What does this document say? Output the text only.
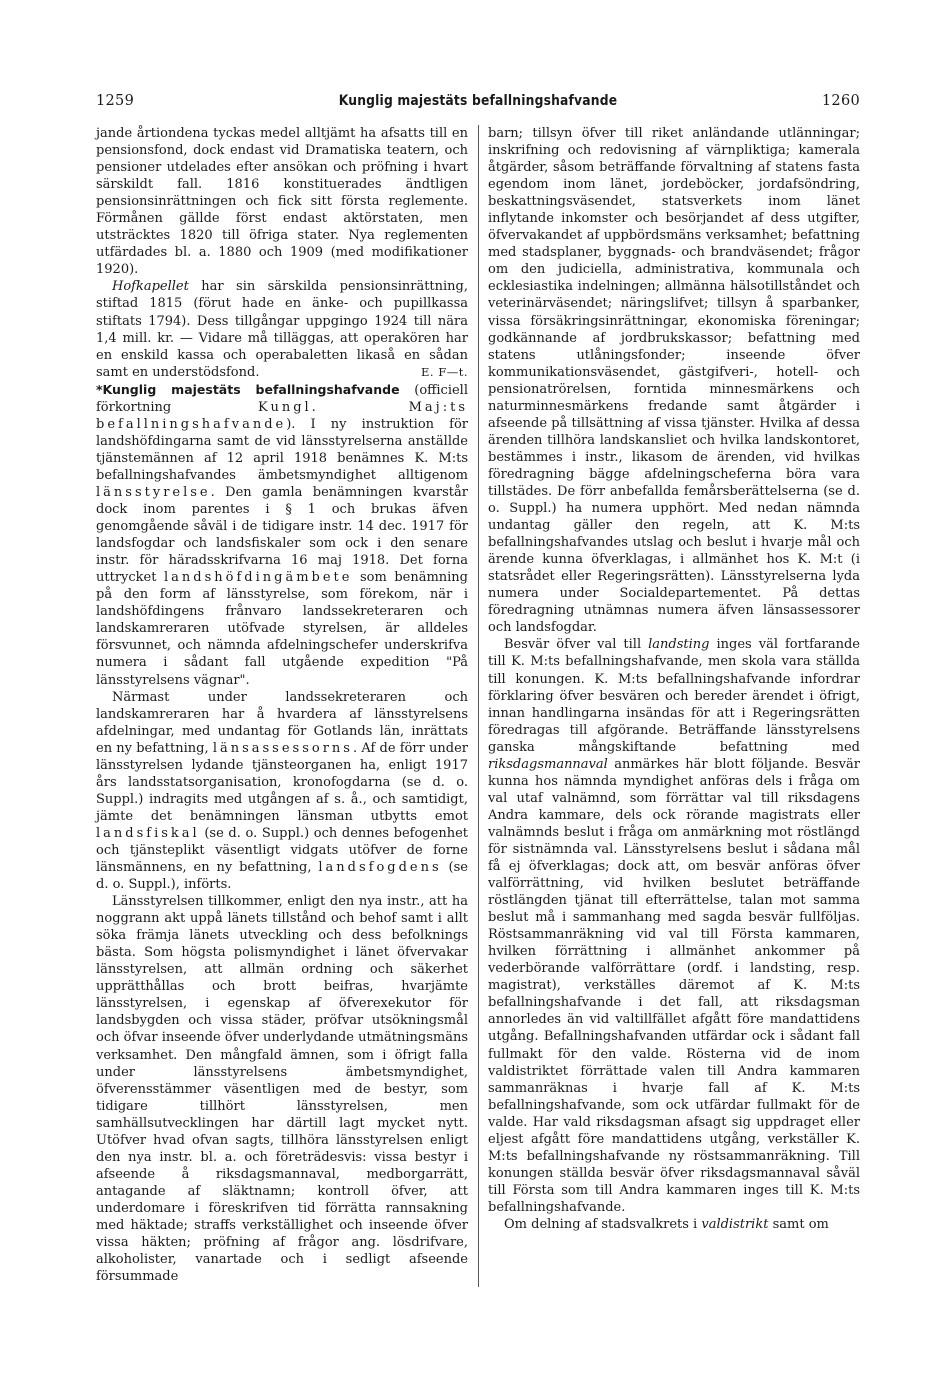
1259	Kunglig majestäts befallningshafvande	1260

jande årtiondena tyckas medel alltjämt ha afsatts till en pensionsfond, dock endast vid Dramatiska teatern, och pensioner utdelades efter ansökan och pröfning i hvart särskildt fall. 1816 konstituerades ändtligen pensionsinrättningen och fick sitt första reglemente. Förmånen gällde först endast aktörstaten, men utsträcktes 1820 till öfriga stater. Nya reglementen utfärdades bl. a. 1880 och 1909 (med modifikationer 1920).

Hofkapellet har sin särskilda pensionsinrättning, stiftad 1815 (förut hade en änke- och pupillkassa stiftats 1794). Dess tillgångar uppgingo 1924 till nära 1,4 mill. kr. — Vidare må tilläggas, att operakören har en enskild kassa och operabaletten likaså en sådan samt en understödsfond.	E. F—t.

*Kunglig majestäts befallningshafvande (officiell förkortning Kungl. Maj:ts befallningshafvande). I ny instruktion för landshöfdingarna samt de vid länsstyrelserna anställde tjänstemännen af 12 april 1918 benämnes K. M:ts befallningshafvandes ämbetsmyndighet alltigenom länsstyrelse. Den gamla benämningen kvarstår dock inom parentes i § 1 och brukas äfven genomgående såväl i de tidigare instr. 14 dec. 1917 för landsfogdar och landsfiskaler som ock i den senare instr. för häradsskrifvarna 16 maj 1918. Det forna uttrycket landshöfdingämbete som benämning på den form af länsstyrelse, som förekom, när i landshöfdingens frånvaro landssekreteraren och landskamreraren utöfvade styrelsen, är alldeles försvunnet, och nämnda afdelningschefer underskrifva numera i sådant fall utgående expedition "På länsstyrelsens vägnar".

Närmast under landssekreteraren och landskamreraren har å hvardera af länsstyrelsens afdelningar, med undantag för Gotlands län, inrättats en ny befattning, länsassessorns. Af de förr under länsstyrelsen lydande tjänsteorganen ha, enligt 1917 års landsstatsorganisation, kronofogdarna (se d. o. Suppl.) indragits med utgången af s. å., och samtidigt, jämte det benämningen länsman utbytts emot landsfiskal (se d. o. Suppl.) och dennes befogenhet och tjänsteplikt väsentligt vidgats utöfver de forne länsmännens, en ny befattning, landsfogdens (se d. o. Suppl.), införts.

Länsstyrelsen tillkommer, enligt den nya instr., att ha noggrann akt uppå länets tillstånd och behof samt i allt söka främja länets utveckling och dess befolknings bästa. Som högsta polismyndighet i länet öfvervakar länsstyrelsen, att allmän ordning och säkerhet upprätthållas och brott beifras, hvarjämte länsstyrelsen, i egenskap af öfverexekutor för landsbygden och vissa städer, pröfvar utsökningsmål och öfvar inseende öfver underlydande utmätningsmäns verksamhet. Den mångfald ämnen, som i öfrigt falla under länsstyrelsens ämbetsmyndighet, öfverensstämmer väsentligen med de bestyr, som tidigare tillhört länsstyrelsen, men samhällsutvecklingen har därtill lagt mycket nytt. Utöfver hvad ofvan sagts, tillhöra länsstyrelsen enligt den nya instr. bl. a. och företrädesvis: vissa bestyr i afseende å riksdagsmannaval, medborgarrätt, antagande af släktnamn; kontroll öfver, att underdomare i föreskrifven tid förrätta rannsakning med häktade; straffs verkställighet och inseende öfver vissa häkten; pröfning af frågor ang. lösdrifvare, alkoholister, vanartade och i sedligt afseende försummade

barn; tillsyn öfver till riket anländande utlänningar; inskrifning och redovisning af värnpliktiga; kamerala åtgärder, såsom beträffande förvaltning af statens fasta egendom inom länet, jordeböcker, jordafsöndring, beskattningsväsendet, statsverkets inom länet inflytande inkomster och besörjandet af dess utgifter, öfvervakandet af uppbördsmäns verksamhet; befattning med stadsplaner, byggnads- och brandväsendet; frågor om den judiciella, administrativa, kommunala och ecklesiastika indelningen; allmänna hälsotillståndet och veterinärväsendet; näringslifvet; tillsyn å sparbanker, vissa försäkringsinrättningar, ekonomiska föreningar; godkännande af jordbrukskassor; befattning med statens utlåningsfonder; inseende öfver kommunikationsväsendet, gästgifveri-, hotell- och pensionatrörelsen, forntida minnesmärkens och naturminnesmärkens fredande samt åtgärder i afseende på tillsättning af vissa tjänster. Hvilka af dessa ärenden tillhöra landskansliet och hvilka landskontoret, bestämmes i instr., likasom de ärenden, vid hvilkas föredragning bägge afdelningscheferna böra vara tillstädes. De förr anbefallda femårsberättelserna (se d. o. Suppl.) ha numera upphört. Med nedan nämnda undantag gäller den regeln, att K. M:ts befallningshafvandes utslag och beslut i hvarje mål och ärende kunna öfverklagas, i allmänhet hos K. M:t (i statsrådet eller Regeringsrätten). Länsstyrelserna lyda numera under Socialdepartementet. På dettas föredragning utnämnas numera äfven länsassessorer och landsfogdar.

Besvär öfver val till landsting inges väl fortfarande till K. M:ts befallningshafvande, men skola vara ställda till konungen. K. M:ts befallningshafvande infordrar förklaring öfver besvären och bereder ärendet i öfrigt, innan handlingarna insändas för att i Regeringsrätten föredragas till afgörande. Beträffande länsstyrelsens ganska mångskiftande befattning med riksdagsmannaval anmärkes här blott följande. Besvär kunna hos nämnda myndighet anföras dels i fråga om val utaf valnämnd, som förrättar val till riksdagens Andra kammare, dels ock rörande magistrats eller valnämnds beslut i fråga om anmärkning mot röstlängd för sistnämnda val. Länsstyrelsens beslut i sådana mål få ej öfverklagas; dock att, om besvär anföras öfver valförrättning, vid hvilken beslutet beträffande röstlängden tjänat till efterrättelse, talan mot samma beslut må i sammanhang med sagda besvär fullföljas. Röstsammanräkning vid val till Första kammaren, hvilken förrättning i allmänhet ankommer på vederbörande valförrättare (ordf. i landsting, resp. magistrat), verkställes däremot af K. M:ts befallningshafvande i det fall, att riksdagsman annorledes än vid valtillfället afgått före mandattidens utgång. Befallningshafvanden utfärdar ock i sådant fall fullmakt för den valde. Rösterna vid de inom valdistriktet förrättade valen till Andra kammaren sammanräknas i hvarje fall af K. M:ts befallningshafvande, som ock utfärdar fullmakt för de valde. Har vald riksdagsman afsagt sig uppdraget eller eljest afgått före mandattidens utgång, verkställer K. M:ts befallningshafvande ny röstsammanräkning. Till konungen ställda besvär öfver riksdagsmannaval såväl till Första som till Andra kammaren inges till K. M:ts befallningshafvande.

Om delning af stadsvalkrets i valdistrikt samt om
